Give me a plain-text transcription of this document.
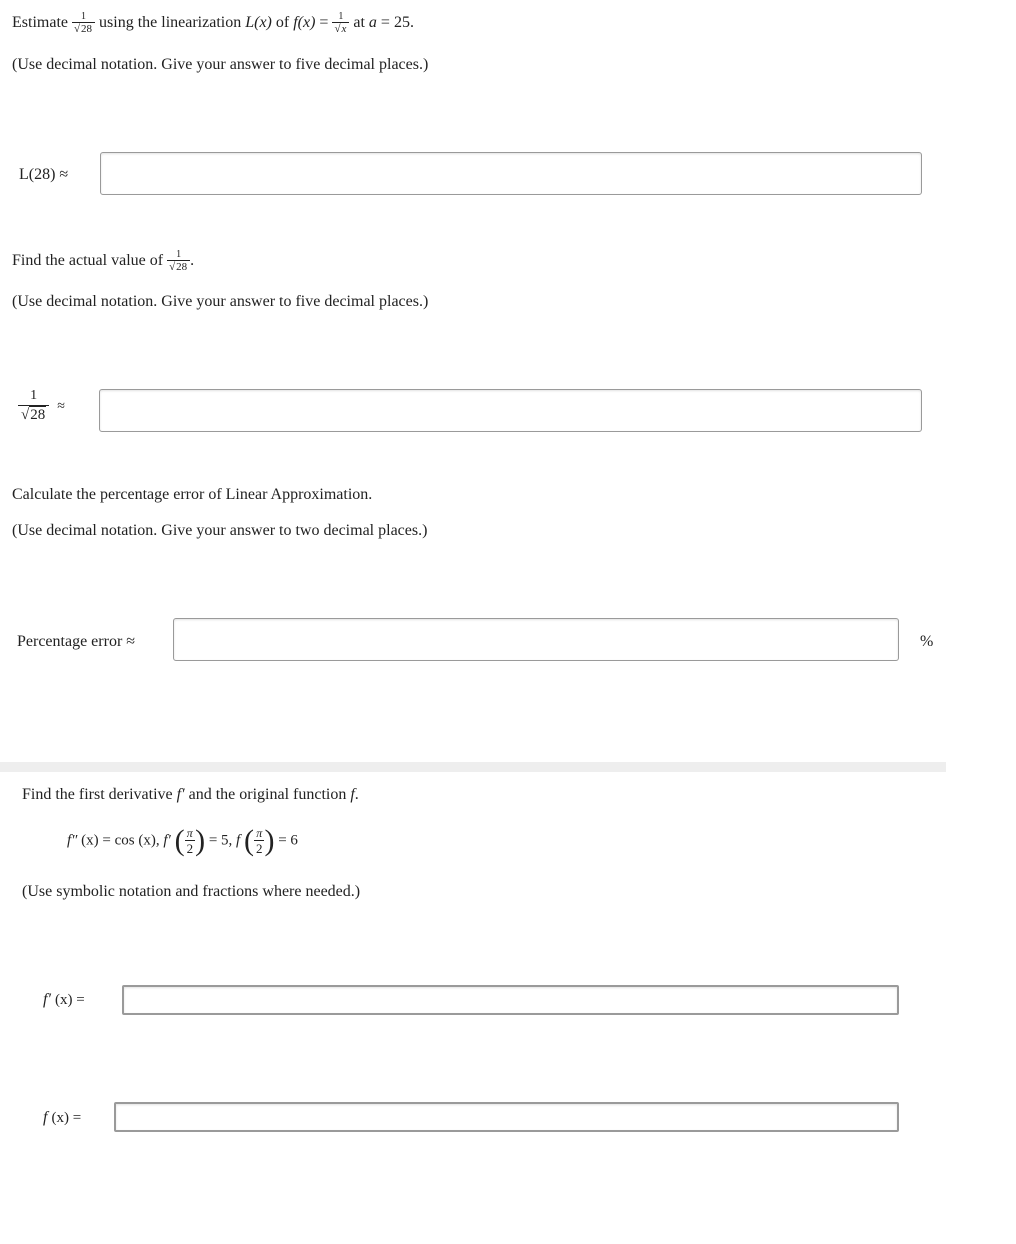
Estimate $\frac{1}{√28}$ using the linearization L(x) of $f(x) = \frac{1}{√x}$ at a = 25.
(Use decimal notation. Give your answer to five decimal places.)
L(28) ≈
Find the actual value of $\frac{1}{√28}$ .
(Use decimal notation. Give your answer to five decimal places.)
$\frac{1}{√28}$ ≈
Calculate the percentage error of Linear Approximation.
(Use decimal notation. Give your answer to two decimal places.)
Percentage error ≈	%
Find the first derivative f′ and the original function f.
f″ (x) = cos (x), f′ ( $\frac{\pi}{2}$ ) = 5, f ( $\frac{\pi}{2}$ ) = 6
(Use symbolic notation and fractions where needed.)
f′ (x) =
f (x) =
